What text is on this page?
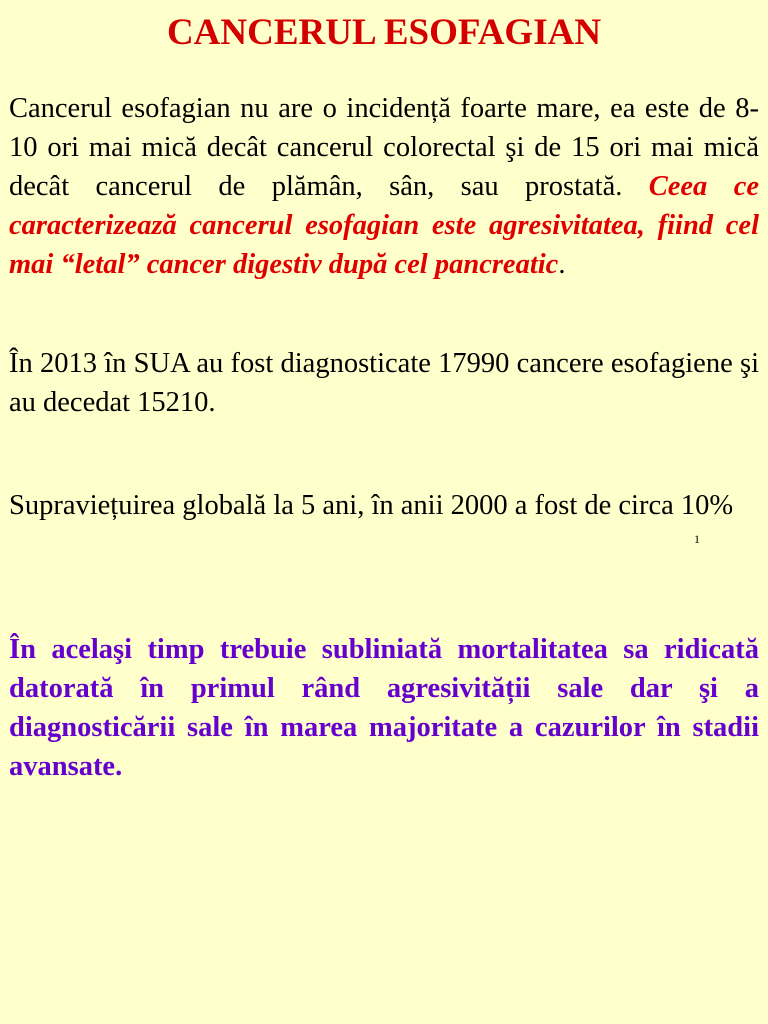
CANCERUL ESOFAGIAN

Cancerul esofagian nu are o incidență foarte mare, ea este de 8-10 ori mai mică decât cancerul colorectal şi de 15 ori mai mică decât cancerul de plămân, sân, sau prostată. Ceea ce caracterizează cancerul esofagian este agresivitatea, fiind cel mai “letal” cancer digestiv după cel pancreatic.

În 2013 în SUA au fost diagnosticate 17990 cancere esofagiene şi au decedat 15210.

Supraviețuirea globală la 5 ani, în anii 2000 a fost de circa 10%

1

În acelaşi timp trebuie subliniată mortalitatea sa ridicată datorată în primul rând agresivității sale dar şi a diagnosticării sale în marea majoritate a cazurilor în stadii avansate.
